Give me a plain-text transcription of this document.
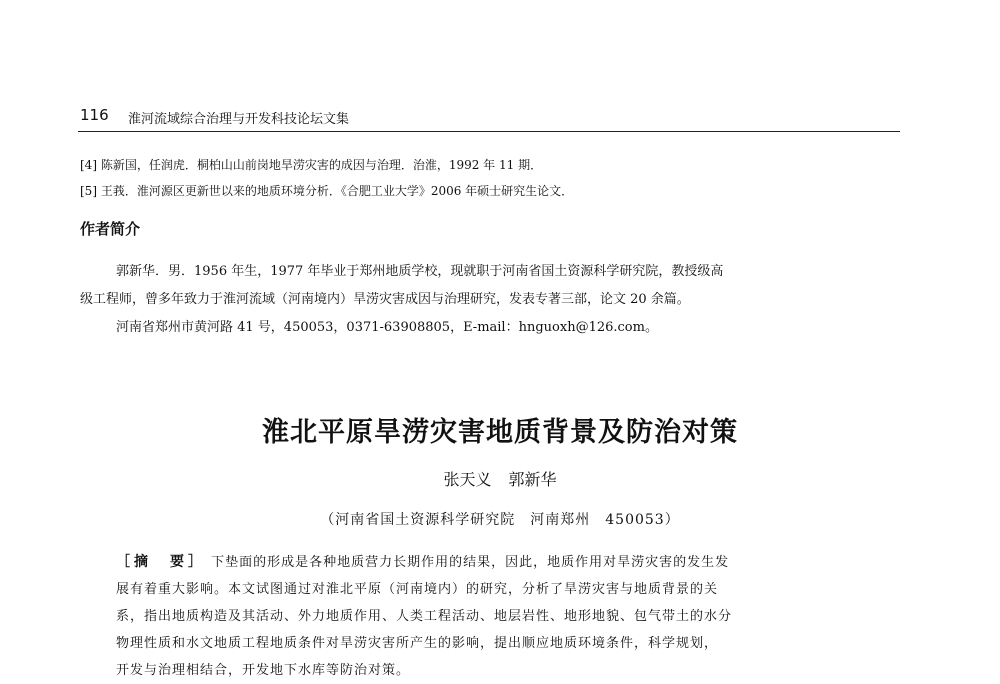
116 淮河流域综合治理与开发科技论坛文集
[4] 陈新国，任润虎．桐柏山山前岗地旱涝灾害的成因与治理．治淮，1992 年 11 期．
[5] 王莪．淮河源区更新世以来的地质环境分析．《合肥工业大学》2006 年硕士研究生论文．
作者简介
郭新华．男．1956 年生，1977 年毕业于郑州地质学校，现就职于河南省国土资源科学研究院，教授级高
级工程师，曾多年致力于淮河流域（河南境内）旱涝灾害成因与治理研究，发表专著三部，论文 20 余篇。
河南省郑州市黄河路 41 号，450053，0371-63908805，E-mail：hnguoxh@126.com。
淮北平原旱涝灾害地质背景及防治对策
张天义 郭新华
（河南省国土资源科学研究院　河南郑州　450053）
［摘　要］ 下垫面的形成是各种地质营力长期作用的结果，因此，地质作用对旱涝灾害的发生发
展有着重大影响。本文试图通过对淮北平原（河南境内）的研究，分析了旱涝灾害与地质背景的关
系，指出地质构造及其活动、外力地质作用、人类工程活动、地层岩性、地形地貌、包气带土的水分
物理性质和水文地质工程地质条件对旱涝灾害所产生的影响，提出顺应地质环境条件，科学规划，
开发与治理相结合，开发地下水库等防治对策。
